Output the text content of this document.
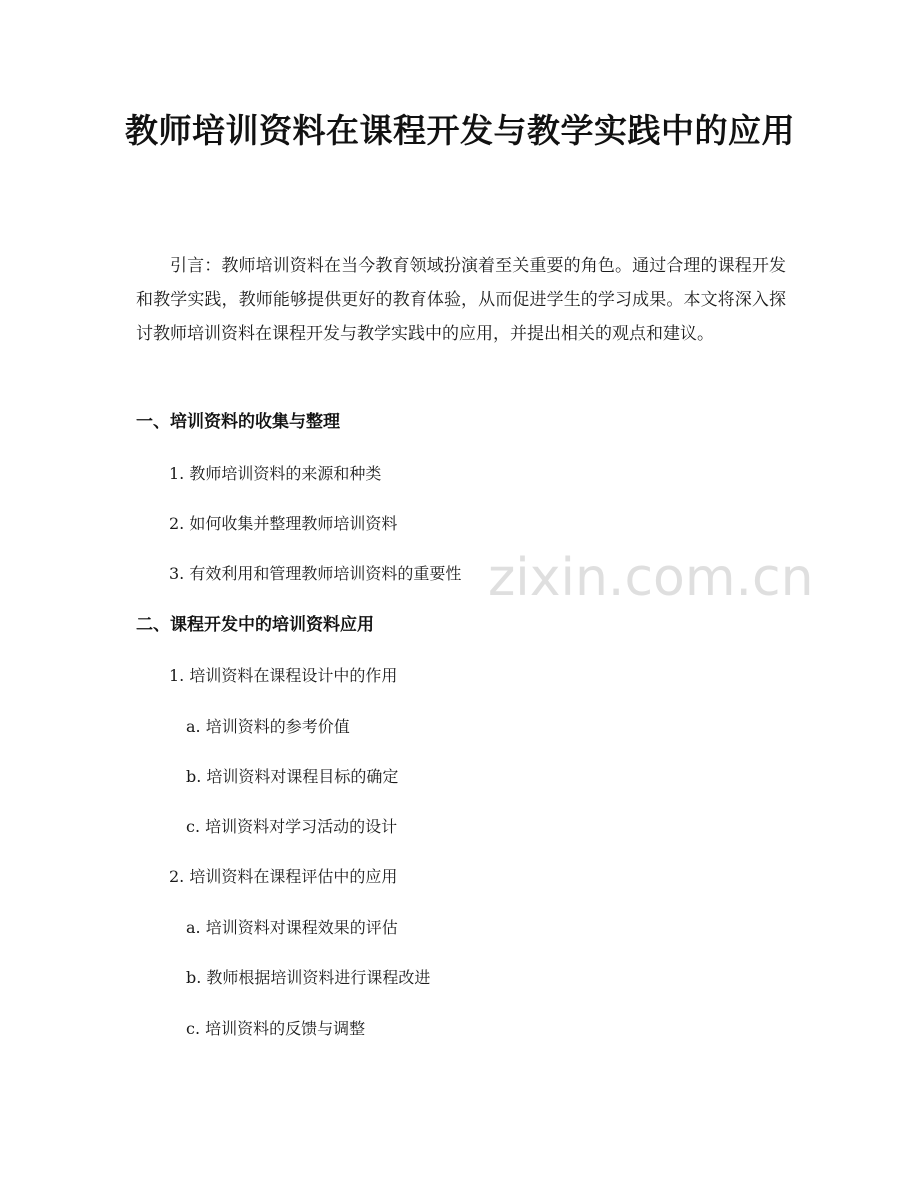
教师培训资料在课程开发与教学实践中的应用

引言：教师培训资料在当今教育领域扮演着至关重要的角色。通过合理的课程开发和教学实践，教师能够提供更好的教育体验，从而促进学生的学习成果。本文将深入探讨教师培训资料在课程开发与教学实践中的应用，并提出相关的观点和建议。

一、培训资料的收集与整理
1. 教师培训资料的来源和种类
2. 如何收集并整理教师培训资料
3. 有效利用和管理教师培训资料的重要性
二、课程开发中的培训资料应用
1. 培训资料在课程设计中的作用
a. 培训资料的参考价值
b. 培训资料对课程目标的确定
c. 培训资料对学习活动的设计
2. 培训资料在课程评估中的应用
a. 培训资料对课程效果的评估
b. 教师根据培训资料进行课程改进
c. 培训资料的反馈与调整
zixin.com.cn
